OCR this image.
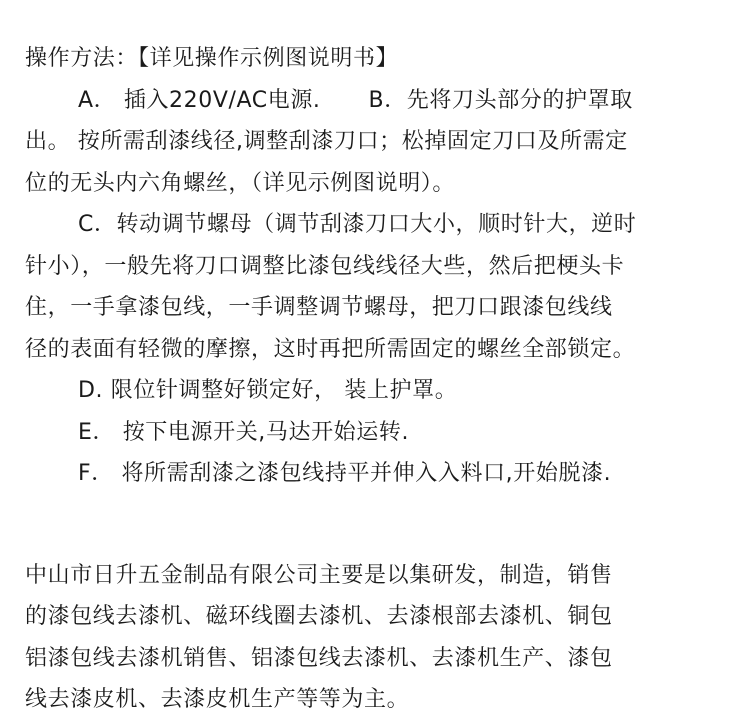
操作方法：【详见操作示例图说明书】
A． 插入220V/AC电源. B．先将刀头部分的护罩取
出。 按所需刮漆线径,调整刮漆刀口；松掉固定刀口及所需定
位的无头内六角螺丝，（详见示例图说明）。
C．转动调节螺母（调节刮漆刀口大小，顺时针大，逆时
针小），一般先将刀口调整比漆包线线径大些，然后把梗头卡
住，一手拿漆包线，一手调整调节螺母，把刀口跟漆包线线
径的表面有轻微的摩擦，这时再把所需固定的螺丝全部锁定。
D. 限位针调整好锁定好， 装上护罩。
E． 按下电源开关,马达开始运转.
F． 将所需刮漆之漆包线持平并伸入入料口,开始脱漆.
中山市日升五金制品有限公司主要是以集研发，制造，销售
的漆包线去漆机、磁环线圈去漆机、去漆根部去漆机、铜包
铝漆包线去漆机销售、铝漆包线去漆机、去漆机生产、漆包
线去漆皮机、去漆皮机生产等等为主。
